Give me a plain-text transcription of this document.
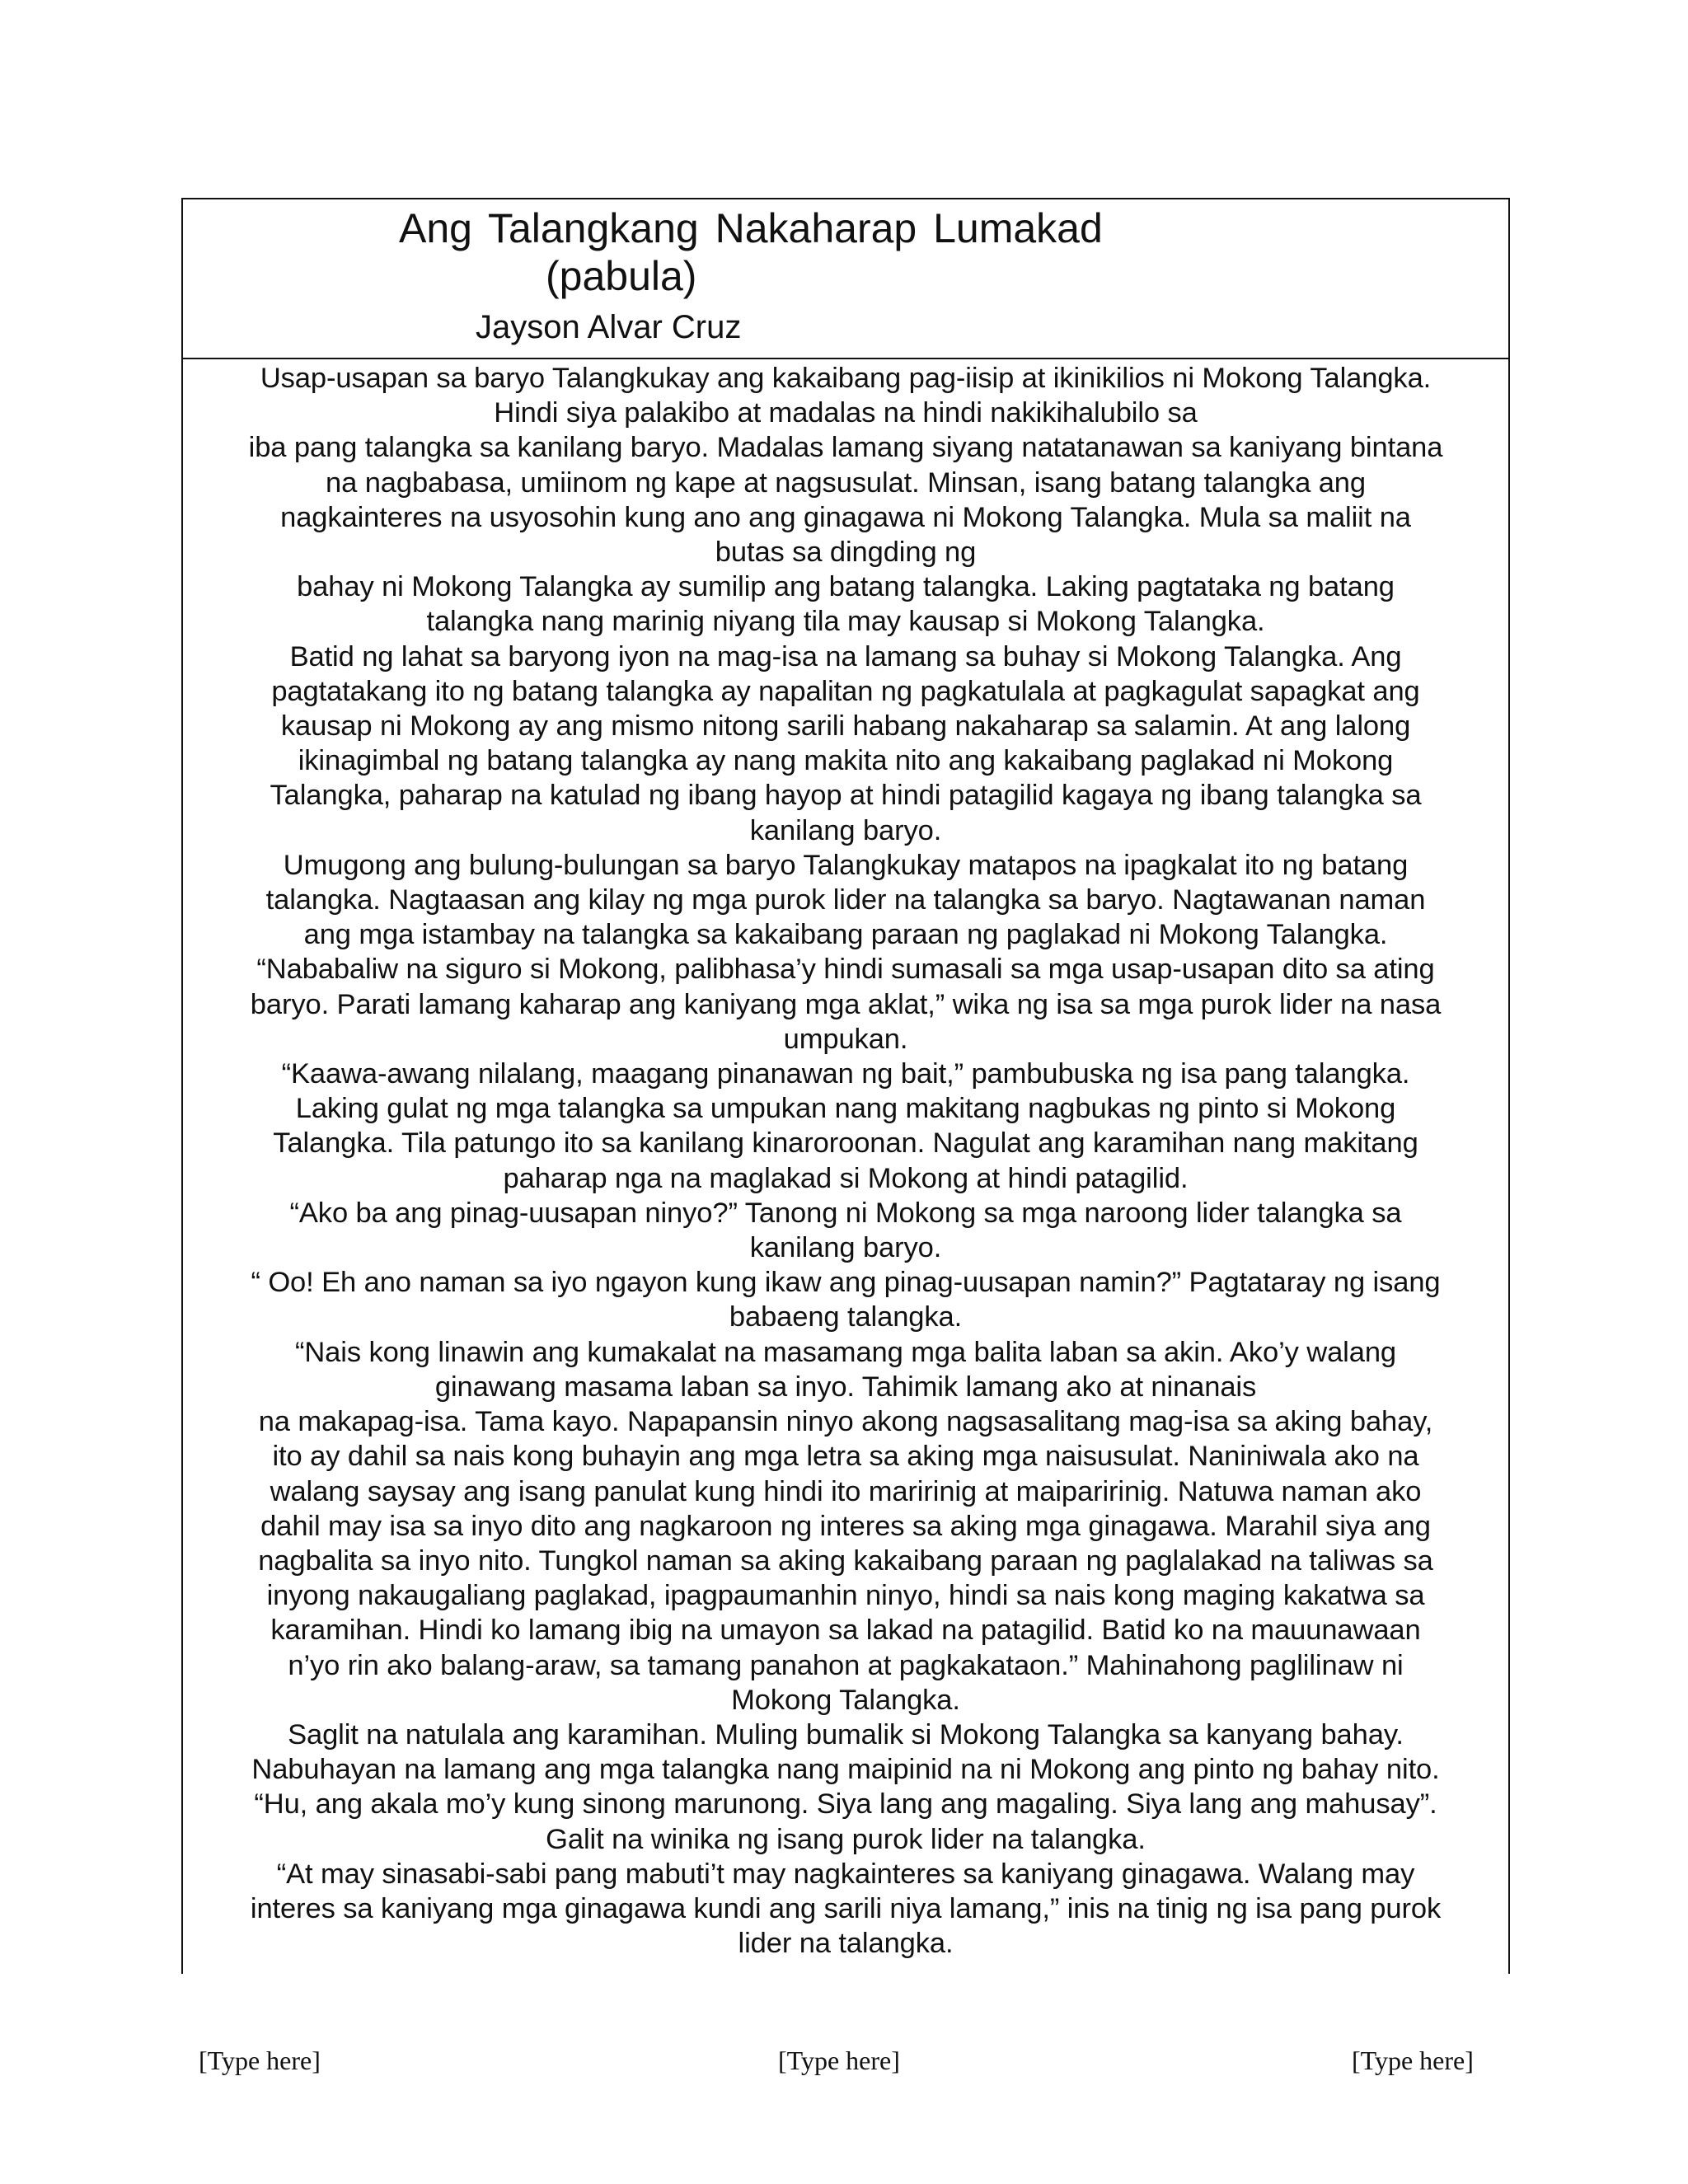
Ang Talangkang Nakaharap Lumakad
(pabula)
Jayson Alvar Cruz
Usap-usapan sa baryo Talangkukay ang kakaibang pag-iisip at ikinikilios ni Mokong Talangka.
Hindi siya palakibo at madalas na hindi nakikihalubilo sa
iba pang talangka sa kanilang baryo. Madalas lamang siyang natatanawan sa kaniyang bintana
na nagbabasa, umiinom ng kape at nagsusulat. Minsan, isang batang talangka ang
nagkainteres na usyosohin kung ano ang ginagawa ni Mokong Talangka. Mula sa maliit na
butas sa dingding ng
bahay ni Mokong Talangka ay sumilip ang batang talangka. Laking pagtataka ng batang
talangka nang marinig niyang tila may kausap si Mokong Talangka.
Batid ng lahat sa baryong iyon na mag-isa na lamang sa buhay si Mokong Talangka. Ang
pagtatakang ito ng batang talangka ay napalitan ng pagkatulala at pagkagulat sapagkat ang
kausap ni Mokong ay ang mismo nitong sarili habang nakaharap sa salamin. At ang lalong
ikinagimbal ng batang talangka ay nang makita nito ang kakaibang paglakad ni Mokong
Talangka, paharap na katulad ng ibang hayop at hindi patagilid kagaya ng ibang talangka sa
kanilang baryo.
Umugong ang bulung-bulungan sa baryo Talangkukay matapos na ipagkalat ito ng batang
talangka. Nagtaasan ang kilay ng mga purok lider na talangka sa baryo. Nagtawanan naman
ang mga istambay na talangka sa kakaibang paraan ng paglakad ni Mokong Talangka.
“Nababaliw na siguro si Mokong, palibhasa’y hindi sumasali sa mga usap-usapan dito sa ating
baryo. Parati lamang kaharap ang kaniyang mga aklat,” wika ng isa sa mga purok lider na nasa
umpukan.
“Kaawa-awang nilalang, maagang pinanawan ng bait,” pambubuska ng isa pang talangka.
Laking gulat ng mga talangka sa umpukan nang makitang nagbukas ng pinto si Mokong
Talangka. Tila patungo ito sa kanilang kinaroroonan. Nagulat ang karamihan nang makitang
paharap nga na maglakad si Mokong at hindi patagilid.
“Ako ba ang pinag-uusapan ninyo?” Tanong ni Mokong sa mga naroong lider talangka sa
kanilang baryo.
“ Oo! Eh ano naman sa iyo ngayon kung ikaw ang pinag-uusapan namin?” Pagtataray ng isang
babaeng talangka.
“Nais kong linawin ang kumakalat na masamang mga balita laban sa akin. Ako’y walang
ginawang masama laban sa inyo. Tahimik lamang ako at ninanais
na makapag-isa. Tama kayo. Napapansin ninyo akong nagsasalitang mag-isa sa aking bahay,
ito ay dahil sa nais kong buhayin ang mga letra sa aking mga naisusulat. Naniniwala ako na
walang saysay ang isang panulat kung hindi ito maririnig at maiparirinig. Natuwa naman ako
dahil may isa sa inyo dito ang nagkaroon ng interes sa aking mga ginagawa. Marahil siya ang
nagbalita sa inyo nito. Tungkol naman sa aking kakaibang paraan ng paglalakad na taliwas sa
inyong nakaugaliang paglakad, ipagpaumanhin ninyo, hindi sa nais kong maging kakatwa sa
karamihan. Hindi ko lamang ibig na umayon sa lakad na patagilid. Batid ko na mauunawaan
n’yo rin ako balang-araw, sa tamang panahon at pagkakataon.” Mahinahong paglilinaw ni
Mokong Talangka.
Saglit na natulala ang karamihan. Muling bumalik si Mokong Talangka sa kanyang bahay.
Nabuhayan na lamang ang mga talangka nang maipinid na ni Mokong ang pinto ng bahay nito.
“Hu, ang akala mo’y kung sinong marunong. Siya lang ang magaling. Siya lang ang mahusay”.
Galit na winika ng isang purok lider na talangka.
“At may sinasabi-sabi pang mabuti’t may nagkainteres sa kaniyang ginagawa. Walang may
interes sa kaniyang mga ginagawa kundi ang sarili niya lamang,” inis na tinig ng isa pang purok
lider na talangka.
[Type here]	[Type here]	[Type here]
